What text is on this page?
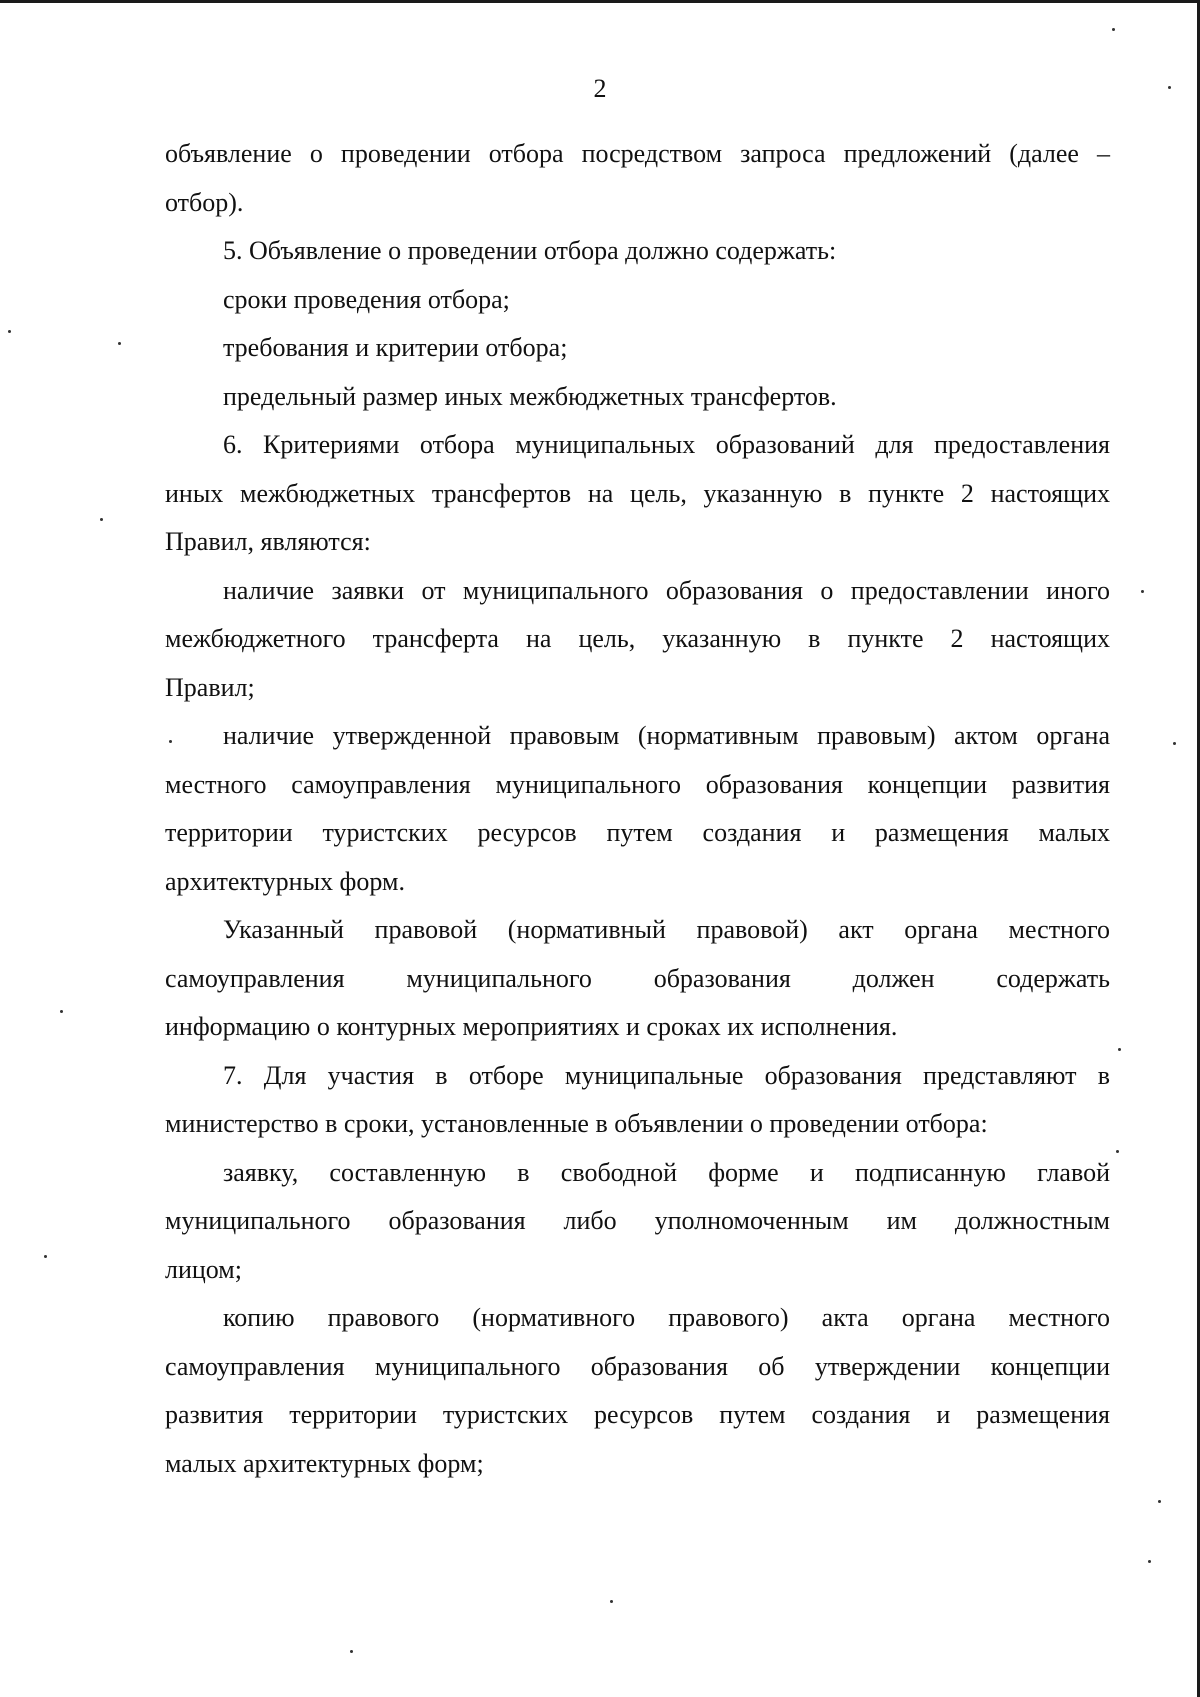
2
объявление о проведении отбора посредством запроса предложений (далее –
отбор).
5. Объявление о проведении отбора должно содержать:
сроки проведения отбора;
требования и критерии отбора;
предельный размер иных межбюджетных трансфертов.
6. Критериями отбора муниципальных образований для предоставления
иных межбюджетных трансфертов на цель, указанную в пункте 2 настоящих
Правил, являются:
наличие заявки от муниципального образования о предоставлении иного
межбюджетного трансферта на цель, указанную в пункте 2 настоящих
Правил;
наличие утвержденной правовым (нормативным правовым) актом органа
местного самоуправления муниципального образования концепции развития
территории туристских ресурсов путем создания и размещения малых
архитектурных форм.
Указанный правовой (нормативный правовой) акт органа местного
самоуправления муниципального образования должен содержать
информацию о контурных мероприятиях и сроках их исполнения.
7. Для участия в отборе муниципальные образования представляют в
министерство в сроки, установленные в объявлении о проведении отбора:
заявку, составленную в свободной форме и подписанную главой
муниципального образования либо уполномоченным им должностным
лицом;
копию правового (нормативного правового) акта органа местного
самоуправления муниципального образования об утверждении концепции
развития территории туристских ресурсов путем создания и размещения
малых архитектурных форм;
